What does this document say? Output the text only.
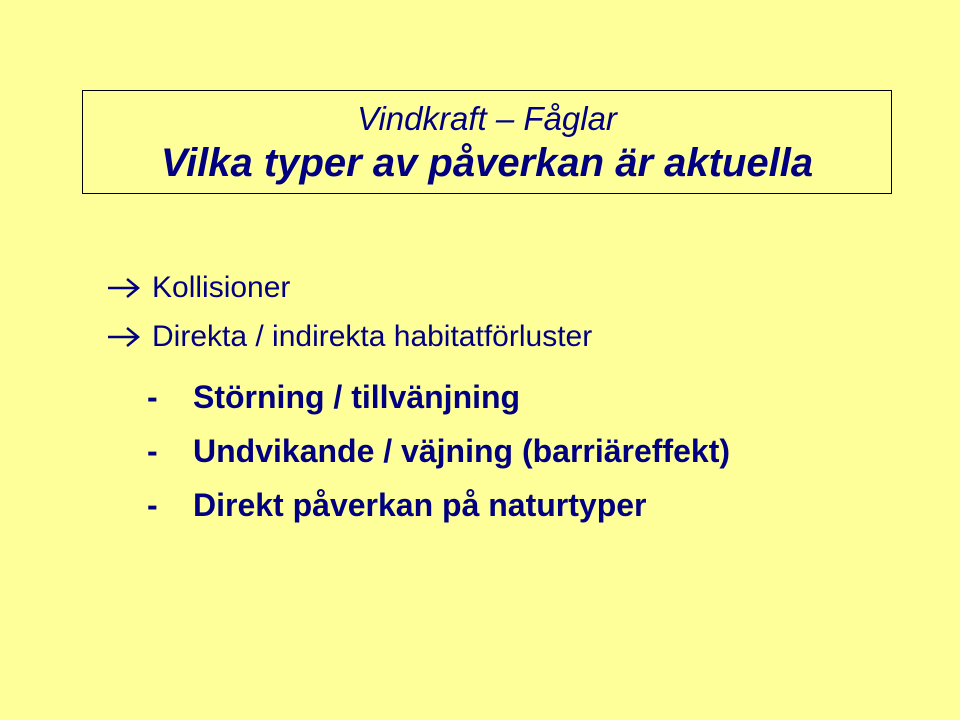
Vindkraft – Fåglar
Vilka typer av påverkan är aktuella
Kollisioner
Direkta / indirekta habitatförluster
-	Störning / tillvänjning
-	Undvikande / väjning (barriäreffekt)
-	Direkt påverkan på naturtyper
